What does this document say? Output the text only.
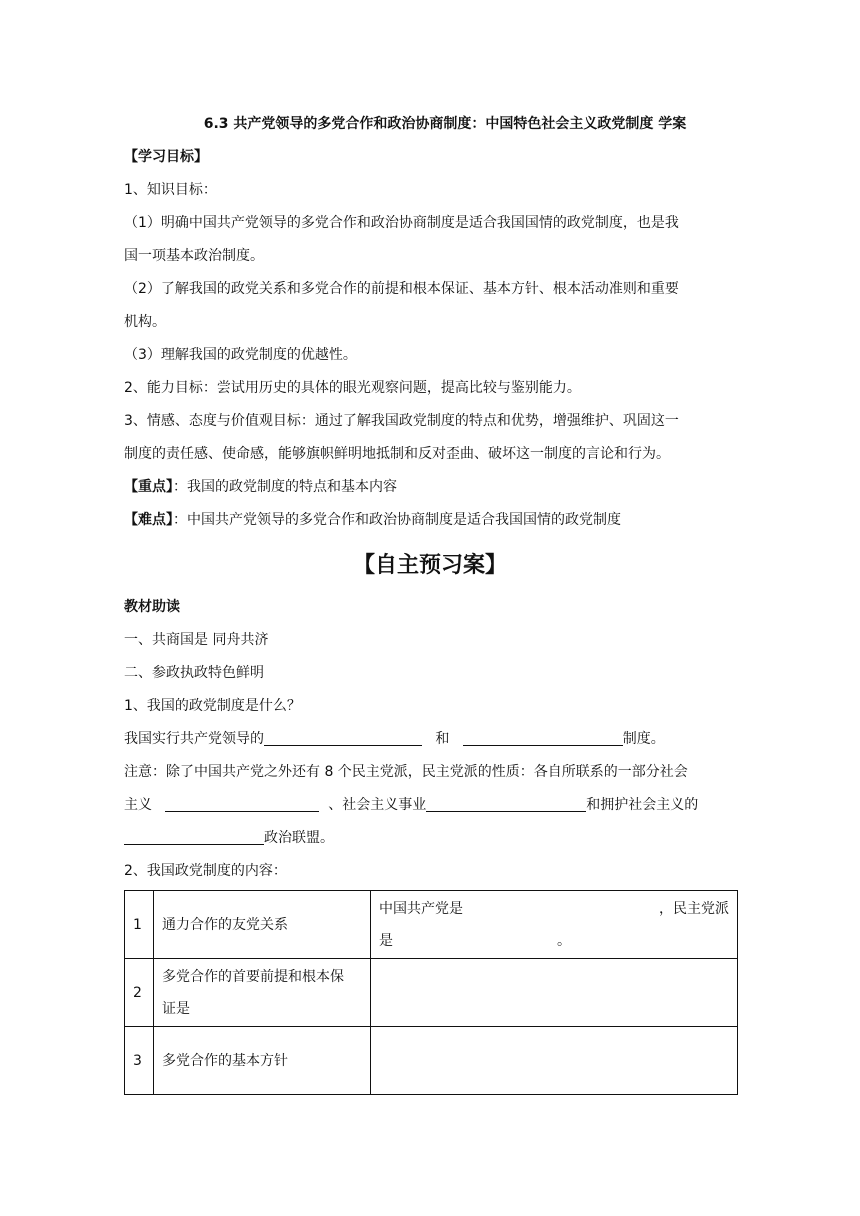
6.3 共产党领导的多党合作和政治协商制度：中国特色社会主义政党制度 学案
【学习目标】
1、知识目标：
（1）明确中国共产党领导的多党合作和政治协商制度是适合我国国情的政党制度，也是我
国一项基本政治制度。
（2）了解我国的政党关系和多党合作的前提和根本保证、基本方针、根本活动准则和重要
机构。
（3）理解我国的政党制度的优越性。
2、能力目标：尝试用历史的具体的眼光观察问题，提高比较与鉴别能力。
3、情感、态度与价值观目标：通过了解我国政党制度的特点和优势，增强维护、巩固这一
制度的责任感、使命感，能够旗帜鲜明地抵制和反对歪曲、破坏这一制度的言论和行为。
【重点】：我国的政党制度的特点和基本内容
【难点】：中国共产党领导的多党合作和政治协商制度是适合我国国情的政党制度
【自主预习案】
教材助读
一、共商国是 同舟共济
二、参政执政特色鲜明
1、我国的政党制度是什么？
我国实行共产党领导的	和	制度。
注意：除了中国共产党之外还有 8 个民主党派，民主党派的性质：各自所联系的一部分社会
主义	、社会主义事业	和拥护社会主义的
政治联盟。
2、我国政党制度的内容：
1	通力合作的友党关系	中国共产党是 ，民主党派
是 。

2	多党合作的首要前提和根本保
证是	

3	多党合作的基本方针	
